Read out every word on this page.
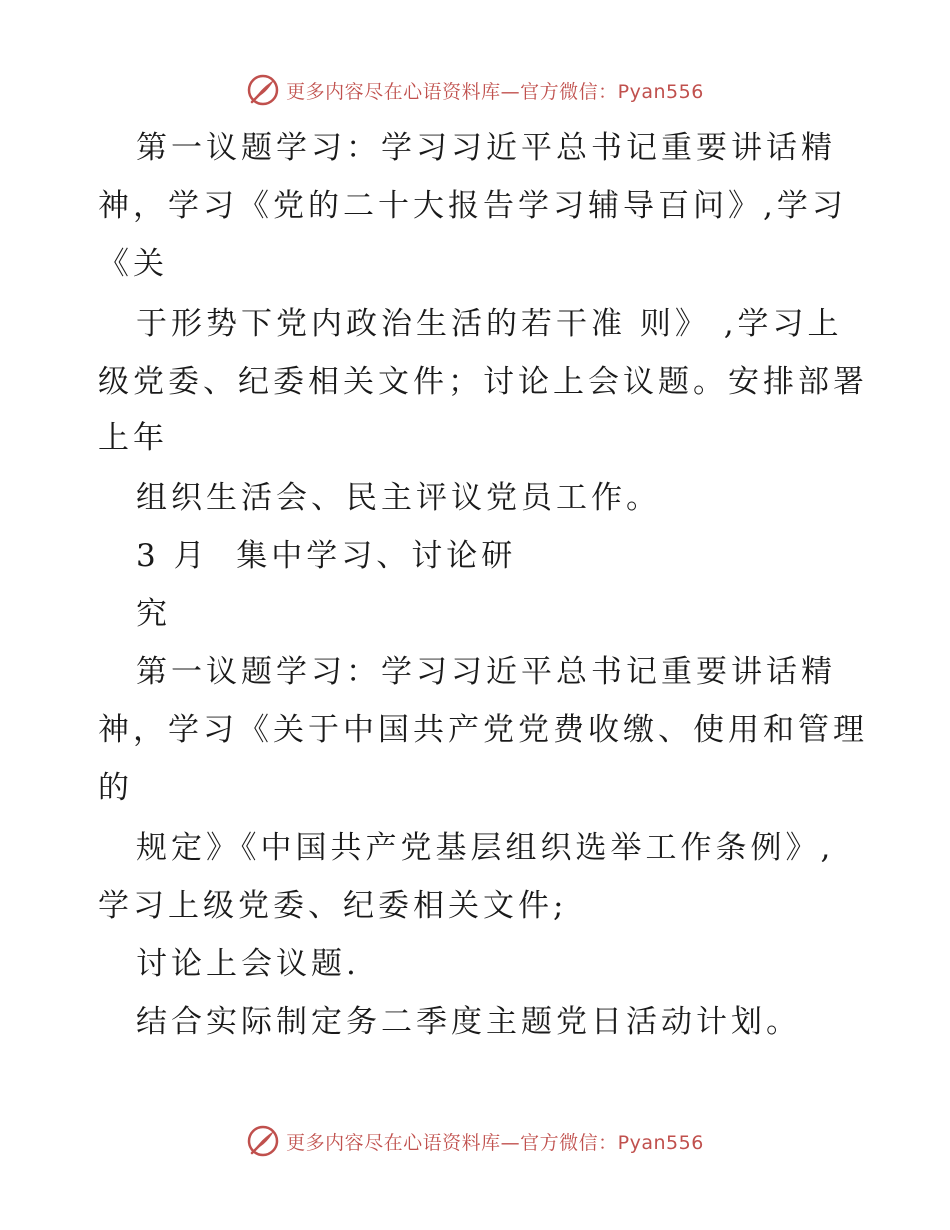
更多内容尽在心语资料库—官方微信：Pyan556
第一议题学习：学习习近平总书记重要讲话精
神，学习《党的二十大报告学习辅导百问》,学习
《关
于形势下党内政治生活的若干准 则》 ,学习上
级党委、纪委相关文件；讨论上会议题。安排部署
上年
组织生活会、民主评议党员工作。
3 月  集中学习、讨论研
究
第一议题学习：学习习近平总书记重要讲话精
神，学习《关于中国共产党党费收缴、使用和管理
的
规定》《中国共产党基层组织选举工作条例》,
学习上级党委、纪委相关文件;
讨论上会议题.
结合实际制定务二季度主题党日活动计划。
更多内容尽在心语资料库—官方微信：Pyan556
